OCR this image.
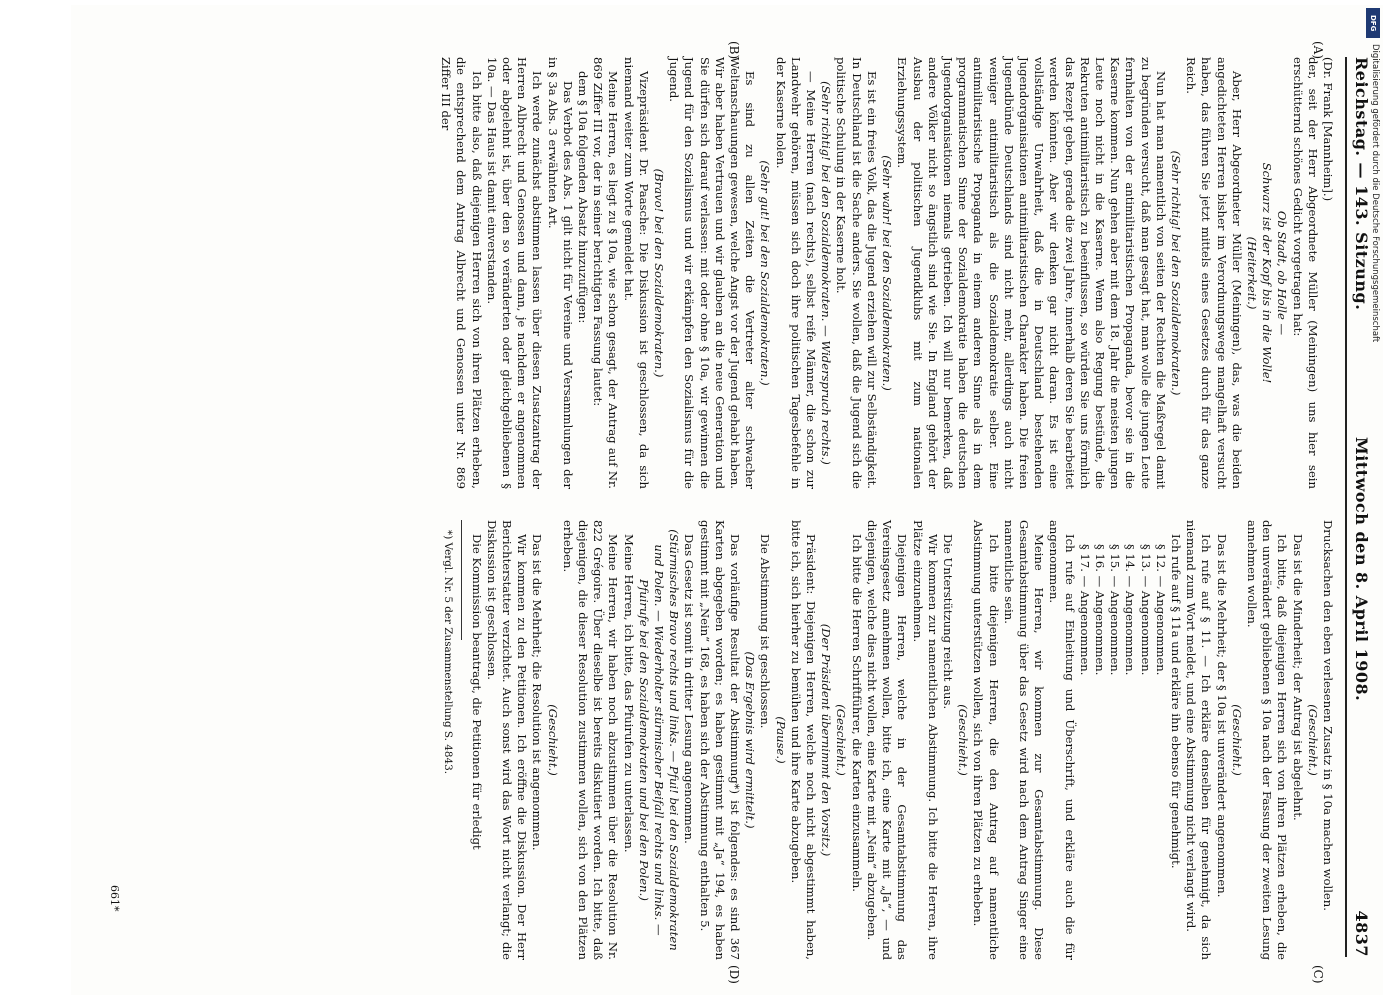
Reichstag. — 143. Sitzung.
Mittwoch den 8. April 1908.
4837
(A)
(B)
(C)
(D)

(Dr. Frank [Mannheim].)

der, seit der Herr Abgeordnete Müller (Meiningen) uns hier sein erschütternd schönes Gedicht vorgetragen hat:

Ob Stadt, ob Holle —

Schwarz ist der Kopf bis in die Wolle!

(Heiterkeit.)

Aber, Herr Abgeordneter Müller (Meiningen), das, was die beiden angedichteten Herren bisher im Verordnungswege mangelhaft versucht haben, das führen Sie jetzt mittels eines Gesetzes durch für das ganze Reich.

(Sehr richtig! bei den Sozialdemokraten.)

Nun hat man namentlich von seiten der Rechten die Maßregel damit zu begründen versucht, daß man gesagt hat, man wolle die jungen Leute fernhalten von der antimilitaristischen Propaganda, bevor sie in die Kaserne kommen. Nun gehen aber mit dem 18. Jahr die meisten jungen Leute noch nicht in die Kaserne. Wenn also Regung bestünde, die Rekruten antimilitaristisch zu beeinflussen, so würden Sie uns förmlich das Rezept geben, gerade die zwei Jahre, innerhalb deren Sie bearbeitet werden könnten. Aber wir denken gar nicht daran. Es ist eine vollständige Unwahrheit, daß die in Deutschland bestehenden Jugendorganisationen antimilitaristischen Charakter haben. Die freien Jugendbünde Deutschlands sind nicht mehr, allerdings auch nicht weniger antimilitaristisch als die Sozialdemokratie selber. Eine antimilitaristische Propaganda in einem anderen Sinne als in dem programmatischen Sinne der Sozialdemokratie haben die deutschen Jugendorganisationen niemals getrieben. Ich will nur bemerken, daß andere Völker nicht so ängstlich sind wie Sie. In England gehört der Ausbau der politischen Jugendklubs mit zum nationalen Erziehungssystem.

(Sehr wahr! bei den Sozialdemokraten.)

Es ist ein freies Volk, das die Jugend erziehen will zur Selbständigkeit. In Deutschland ist die Sache anders. Sie wollen, daß die Jugend sich die politische Schulung in der Kaserne holt.

(Sehr richtig! bei den Sozialdemokraten. — Widerspruch rechts.)

— Meine Herren (nach rechts), selbst reife Männer, die schon zur Landwehr gehören, müssen sich doch ihre politischen Tagesbefehle in der Kaserne holen.

(Sehr gut! bei den Sozialdemokraten.)

Es sind zu allen Zeiten die Vertreter alter schwacher Weltanschauungen gewesen, welche Angst vor der Jugend gehabt haben. Wir aber haben Vertrauen und wir glauben an die neue Generation und Sie dürfen sich darauf verlassen: mit oder ohne § 10a, wir gewinnen die Jugend für den Sozialismus und wir erkämpfen den Sozialismus für die Jugend.

(Bravo! bei den Sozialdemokraten.)

Vizepräsident Dr. Paasche: Die Diskussion ist geschlossen, da sich niemand weiter zum Worte gemeldet hat.

Meine Herren, es liegt zu § 10a, wie schon gesagt, der Antrag auf Nr. 869 Ziffer III vor, der in seiner berichtigten Fassung lautet:

dem § 10a folgenden Absatz hinzuzufügen:

Das Verbot des Abs. 1 gilt nicht für Vereine und Versammlungen der in § 3a Abs. 3 erwähnten Art.

Ich werde zunächst abstimmen lassen über diesen Zusatzantrag der Herren Albrecht und Genossen und dann, je nachdem er angenommen oder abgelehnt ist, über den so veränderten oder gleichgebliebenen § 10a. — Das Haus ist damit einverstanden.

Ich bitte also, daß diejenigen Herren sich von ihren Plätzen erheben, die entsprechend dem Antrag Albrecht und Genossen unter Nr. 869 Ziffer III der

Drucksachen den eben verlesenen Zusatz in § 10a machen wollen.

(Geschieht.)

Das ist die Minderheit; der Antrag ist abgelehnt.

Ich bitte, daß diejenigen Herren sich von ihren Plätzen erheben, die den unverändert gebliebenen § 10a nach der Fassung der zweiten Lesung annehmen wollen.

(Geschieht.)

Das ist die Mehrheit; der § 10a ist unverändert angenommen.

Ich rufe auf § 11. — Ich erkläre denselben für genehmigt, da sich niemand zum Wort meldet, und eine Abstimmung nicht verlangt wird.

Ich rufe auf § 11a und erkläre ihn ebenso für genehmigt.

§ 12. — Angenommen.

§ 13. — Angenommen.

§ 14. — Angenommen.

§ 15. — Angenommen.

§ 16. — Angenommen.

§ 17. — Angenommen.

Ich rufe auf Einleitung und Überschrift, und erkläre auch die für angenommen.

Meine Herren, wir kommen zur Gesamtabstimmung. Diese Gesamtabstimmung über das Gesetz wird nach dem Antrag Singer eine namentliche sein.

Ich bitte diejenigen Herren, die den Antrag auf namentliche Abstimmung unterstützen wollen, sich von ihren Plätzen zu erheben.

(Geschieht.)

Die Unterstützung reicht aus.

Wir kommen zur namentlichen Abstimmung. Ich bitte die Herren, ihre Plätze einzunehmen.

Diejenigen Herren, welche in der Gesamtabstimmung das Vereinsgesetz annehmen wollen, bitte ich, eine Karte mit „Ja“, — und diejenigen, welche dies nicht wollen, eine Karte mit „Nein“ abzugeben.

Ich bitte die Herren Schriftführer, die Karten einzusammeln.

(Geschieht.)

(Der Präsident übernimmt den Vorsitz.)

Präsident: Diejenigen Herren, welche noch nicht abgestimmt haben, bitte ich, sich hierher zu bemühen und ihre Karte abzugeben.

(Pause.)

Die Abstimmung ist geschlossen.

(Das Ergebnis wird ermittelt.)

Das vorläufige Resultat der Abstimmung*) ist folgendes: es sind 367 Karten abgegeben worden; es haben gestimmt mit „Ja“ 194, es haben gestimmt mit „Nein“ 168, es haben sich der Abstimmung enthalten 5.

Das Gesetz ist somit in dritter Lesung angenommen.

(Stürmisches Bravo rechts und links. — Pfui! bei den Sozialdemokraten und Polen. — Wiederholter stürmischer Beifall rechts und links. — Pfuirufe bei den Sozialdemokraten und bei den Polen.)

Meine Herren, ich bitte, das Pfuirufen zu unterlassen.

Meine Herren, wir haben noch abzustimmen über die Resolution Nr. 822 Grégoire. Über dieselbe ist bereits diskutiert worden. Ich bitte, daß diejenigen, die dieser Resolution zustimmen wollen, sich von den Plätzen erheben.

(Geschieht.)

Das ist die Mehrheit; die Resolution ist angenommen.

Wir kommen zu den Petitionen. Ich eröffne die Diskussion. Der Herr Berichterstatter verzichtet. Auch sonst wird das Wort nicht verlangt; die Diskussion ist geschlossen.

Die Kommission beantragt, die Petitionen für erledigt

*) Vergl. Nr. 5 der Zusammenstellung S. 4843.

661*
DFG
Digitalisierung gefördert durch die Deutsche Forschungsgemeinschaft
